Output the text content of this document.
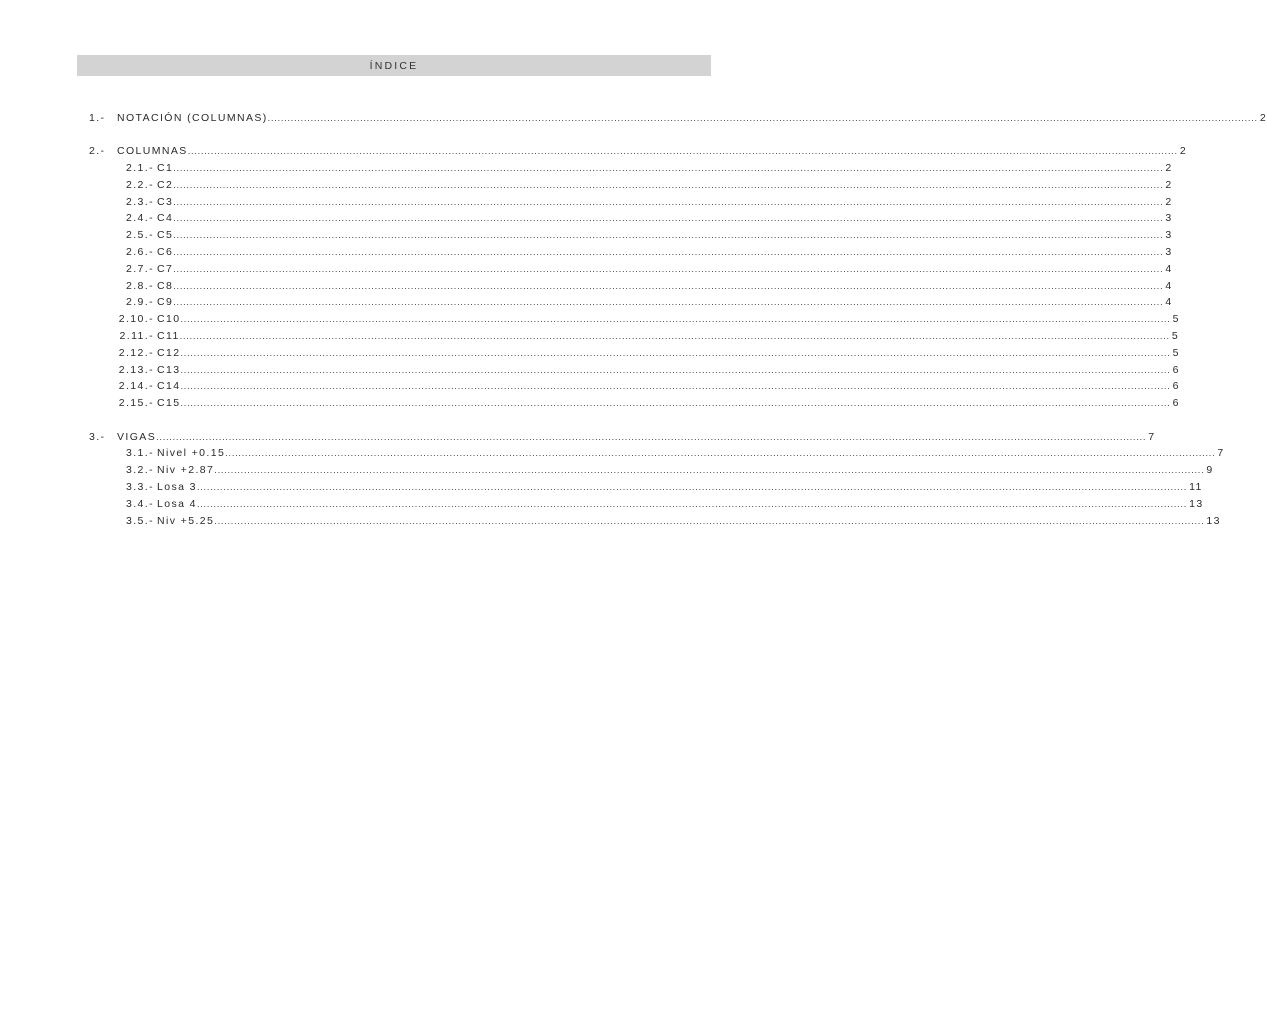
ÍNDICE
1.- NOTACIÓN (COLUMNAS) ............................................................................................................................................................................................................................................................................................................ 2
2.- COLUMNAS ............................................................................................................................................................................................................................................................................................................ 2
2.1.- C1 ............................................................................................................................................................................................................................................................................................................ 2
2.2.- C2 ............................................................................................................................................................................................................................................................................................................ 2
2.3.- C3 ............................................................................................................................................................................................................................................................................................................ 2
2.4.- C4 ............................................................................................................................................................................................................................................................................................................ 3
2.5.- C5 ............................................................................................................................................................................................................................................................................................................ 3
2.6.- C6 ............................................................................................................................................................................................................................................................................................................ 3
2.7.- C7 ............................................................................................................................................................................................................................................................................................................ 4
2.8.- C8 ............................................................................................................................................................................................................................................................................................................ 4
2.9.- C9 ............................................................................................................................................................................................................................................................................................................ 4
2.10.- C10 ............................................................................................................................................................................................................................................................................................................ 5
2.11.- C11 ............................................................................................................................................................................................................................................................................................................ 5
2.12.- C12 ............................................................................................................................................................................................................................................................................................................ 5
2.13.- C13 ............................................................................................................................................................................................................................................................................................................ 6
2.14.- C14 ............................................................................................................................................................................................................................................................................................................ 6
2.15.- C15 ............................................................................................................................................................................................................................................................................................................ 6
3.- VIGAS ............................................................................................................................................................................................................................................................................................................ 7
3.1.- Nivel +0.15 ............................................................................................................................................................................................................................................................................................................ 7
3.2.- Niv +2.87 ............................................................................................................................................................................................................................................................................................................ 9
3.3.- Losa 3 ............................................................................................................................................................................................................................................................................................................ 11
3.4.- Losa 4 ............................................................................................................................................................................................................................................................................................................ 13
3.5.- Niv +5.25 ............................................................................................................................................................................................................................................................................................................ 13
